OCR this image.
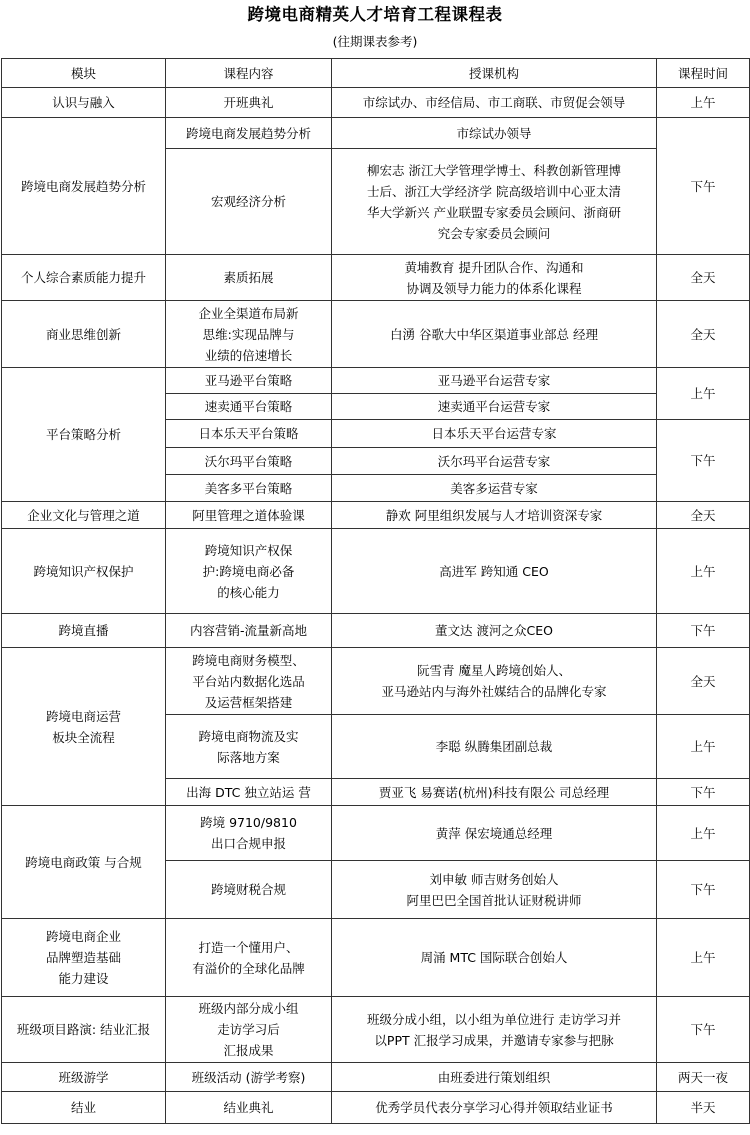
跨境电商精英人才培育工程课程表
(往期课表参考)
模块	课程内容	授课机构	课程时间
认识与融入	开班典礼	市综试办、市经信局、市工商联、市贸促会领导	上午
跨境电商发展趋势分析	跨境电商发展趋势分析	市综试办领导	下午
	宏观经济分析	柳宏志 浙江大学管理学博士、科教创新管理博
士后、浙江大学经济学 院高级培训中心亚太清
华大学新兴 产业联盟专家委员会顾问、浙商研
究会专家委员会顾问	
个人综合素质能力提升	素质拓展	黄埔教育 提升团队合作、沟通和
协调及领导力能力的体系化课程	全天
商业思维创新	企业全渠道布局新
思维:实现品牌与
业绩的倍速增长	白湧 谷歌大中华区渠道事业部总 经理	全天
平台策略分析	亚马逊平台策略	亚马逊平台运营专家	上午
	速卖通平台策略	速卖通平台运营专家	
	日本乐天平台策略	日本乐天平台运营专家	下午
	沃尔玛平台策略	沃尔玛平台运营专家	
	美客多平台策略	美客多运营专家	
企业文化与管理之道	阿里管理之道体验课	静欢 阿里组织发展与人才培训资深专家	全天
跨境知识产权保护	跨境知识产权保
护:跨境电商必备
的核心能力	高进军 跨知通 CEO	上午
跨境直播	内容营销-流量新高地	董文达 渡河之众CEO	下午
跨境电商运营
板块全流程	跨境电商财务模型、
平台站内数据化选品
及运营框架搭建	阮雪青 魔星人跨境创始人、
亚马逊站内与海外社媒结合的品牌化专家	全天
	跨境电商物流及实
际落地方案	李聪 纵腾集团副总裁	上午
	出海 DTC 独立站运 营	贾亚飞 易赛诺(杭州)科技有限公 司总经理	下午
跨境电商政策 与合规	跨境 9710/9810
出口合规申报	黄萍 保宏境通总经理	上午
	跨境财税合规	刘申敏 师吉财务创始人
阿里巴巴全国首批认证财税讲师	下午
跨境电商企业
品牌塑造基础
能力建设	打造一个懂用户、
有溢价的全球化品牌	周涌 MTC 国际联合创始人	上午
班级项目路演: 结业汇报	班级内部分成小组
走访学习后
汇报成果	班级分成小组，以小组为单位进行 走访学习并
以PPT 汇报学习成果，并邀请专家参与把脉	下午
班级游学	班级活动 (游学考察)	由班委进行策划组织	两天一夜
结业	结业典礼	优秀学员代表分享学习心得并领取结业证书	半天
